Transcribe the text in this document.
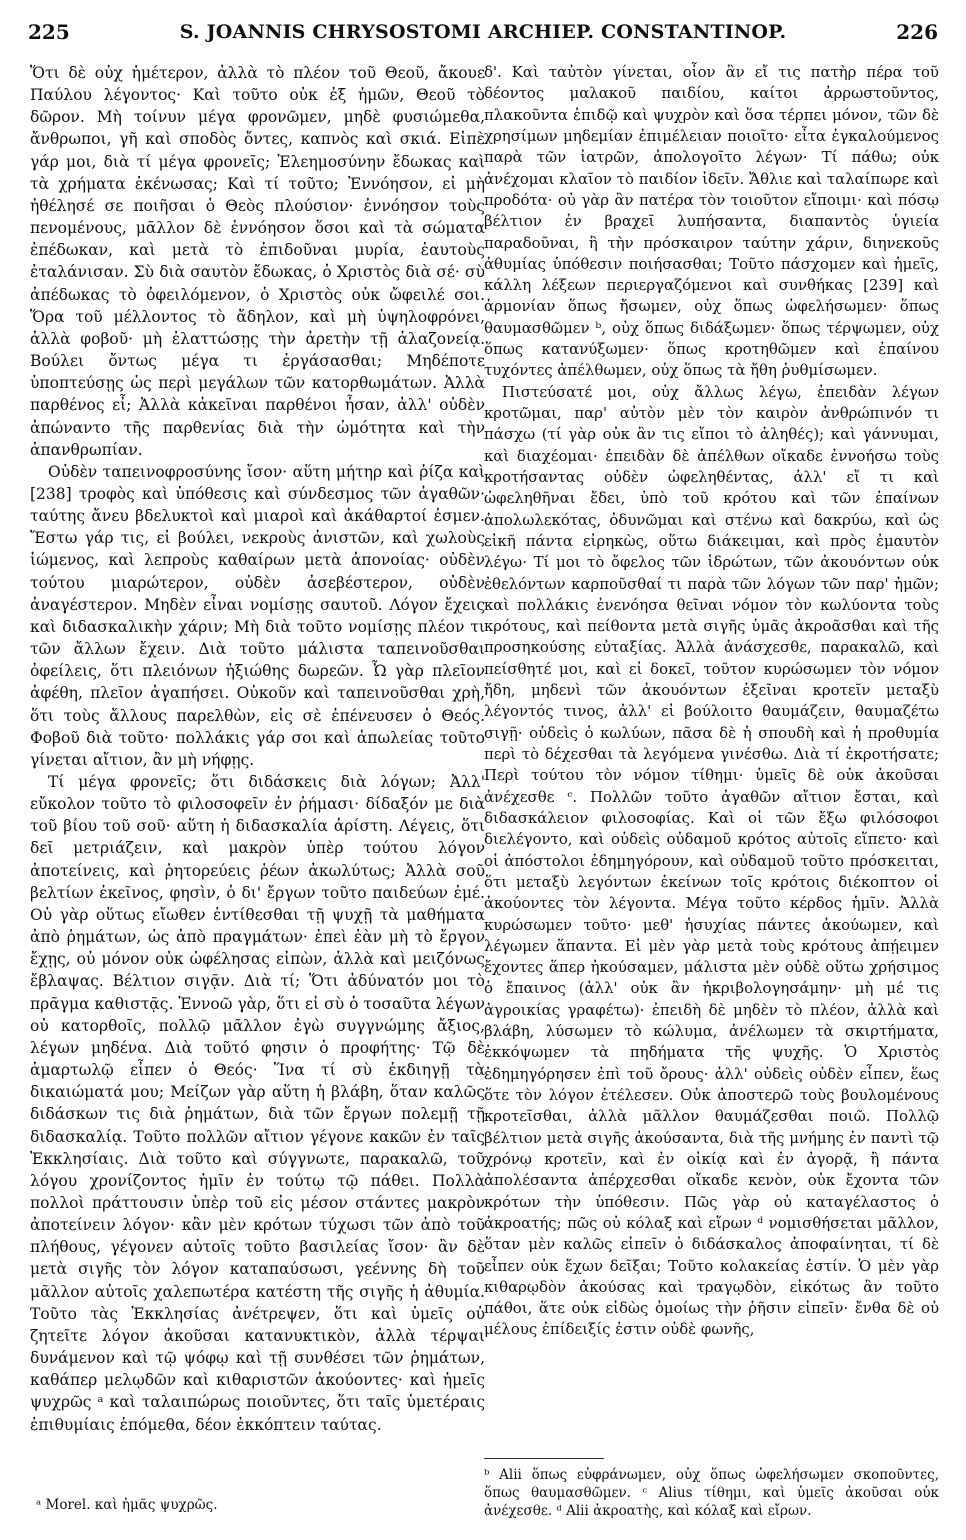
225	S. JOANNIS CHRYSOSTOMI ARCHIEP. CONSTANTINOP.	226

Ὅτι δὲ οὐχ ἡμέτερον, ἀλλὰ τὸ πλέον τοῦ Θεοῦ, ἄκουε Παύλου λέγοντος· Καὶ τοῦτο οὐκ ἐξ ἡμῶν, Θεοῦ τὸ δῶρον. Μὴ τοίνυν μέγα φρονῶμεν, μηδὲ φυσιώμεθα, ἄνθρωποι, γῆ καὶ σποδὸς ὄντες, καπνὸς καὶ σκιά. Εἰπὲ γάρ μοι, διὰ τί μέγα φρονεῖς; Ἐλεημοσύνην ἔδωκας καὶ τὰ χρήματα ἐκένωσας; Καὶ τί τοῦτο; Ἐννόησον, εἰ μὴ ἠθέλησέ σε ποιῆσαι ὁ Θεὸς πλούσιον· ἐννόησον τοὺς πενομένους, μᾶλλον δὲ ἐννόησον ὅσοι καὶ τὰ σώματα ἐπέδωκαν, καὶ μετὰ τὸ ἐπιδοῦναι μυρία, ἑαυτοὺς ἐταλάνισαν. Σὺ διὰ σαυτὸν ἔδωκας, ὁ Χριστὸς διὰ σέ· σὺ ἀπέδωκας τὸ ὀφειλόμενον, ὁ Χριστὸς οὐκ ὤφειλέ σοι. Ὅρα τοῦ μέλλοντος τὸ ἄδηλον, καὶ μὴ ὑψηλοφρόνει, ἀλλὰ φοβοῦ· μὴ ἐλαττώσῃς τὴν ἀρετὴν τῇ ἀλαζονείᾳ. Βούλει ὄντως μέγα τι ἐργάσασθαι; Μηδέποτε ὑποπτεύσῃς ὡς περὶ μεγάλων τῶν κατορθωμάτων. Ἀλλὰ παρθένος εἶ; Ἀλλὰ κἀκεῖναι παρθένοι ἦσαν, ἀλλ' οὐδὲν ἀπώναντο τῆς παρθενίας διὰ τὴν ὠμότητα καὶ τὴν ἀπανθρωπίαν.

Οὐδὲν ταπεινοφροσύνης ἴσον· αὕτη μήτηρ καὶ ῥίζα καὶ [238] τροφὸς καὶ ὑπόθεσις καὶ σύνδεσμος τῶν ἀγαθῶν· ταύτης ἄνευ βδελυκτοὶ καὶ μιαροὶ καὶ ἀκάθαρτοί ἐσμεν. Ἔστω γάρ τις, εἰ βούλει, νεκροὺς ἀνιστῶν, καὶ χωλοὺς ἰώμενος, καὶ λεπροὺς καθαίρων μετὰ ἀπονοίας· οὐδὲν τούτου μιαρώτερον, οὐδὲν ἀσεβέστερον, οὐδὲν ἀναγέστερον. Μηδὲν εἶναι νομίσῃς σαυτοῦ. Λόγον ἔχεις καὶ διδασκαλικὴν χάριν; Μὴ διὰ τοῦτο νομίσῃς πλέον τι τῶν ἄλλων ἔχειν. Διὰ τοῦτο μάλιστα ταπεινοῦσθαι ὀφείλεις, ὅτι πλειόνων ἠξιώθης δωρεῶν. Ὦ γὰρ πλεῖον ἀφέθη, πλεῖον ἀγαπήσει. Οὐκοῦν καὶ ταπεινοῦσθαι χρὴ, ὅτι τοὺς ἄλλους παρελθὼν, εἰς σὲ ἐπένευσεν ὁ Θεός. Φοβοῦ διὰ τοῦτο· πολλάκις γάρ σοι καὶ ἀπωλείας τοῦτο γίνεται αἴτιον, ἂν μὴ νήφῃς.

Τί μέγα φρονεῖς; ὅτι διδάσκεις διὰ λόγων; Ἀλλ' εὔκολον τοῦτο τὸ φιλοσοφεῖν ἐν ῥήμασι· δίδαξόν με διὰ τοῦ βίου τοῦ σοῦ· αὕτη ἡ διδασκαλία ἀρίστη. Λέγεις, ὅτι δεῖ μετριάζειν, καὶ μακρὸν ὑπὲρ τούτου λόγον ἀποτείνεις, καὶ ῥητορεύεις ῥέων ἀκωλύτως; Ἀλλὰ σοῦ βελτίων ἐκεῖνος, φησὶν, ὁ δι' ἔργων τοῦτο παιδεύων ἐμέ. Οὐ γὰρ οὕτως εἴωθεν ἐντίθεσθαι τῇ ψυχῇ τὰ μαθήματα ἀπὸ ῥημάτων, ὡς ἀπὸ πραγμάτων· ἐπεὶ ἐὰν μὴ τὸ ἔργον ἔχῃς, οὐ μόνον οὐκ ὠφέλησας εἰπὼν, ἀλλὰ καὶ μειζόνως ἔβλαψας. Βέλτιον σιγᾷν. Διὰ τί; Ὅτι ἀδύνατόν μοι τὸ πρᾶγμα καθιστᾷς. Ἐννοῶ γὰρ, ὅτι εἰ σὺ ὁ τοσαῦτα λέγων οὐ κατορθοῖς, πολλῷ μᾶλλον ἐγὼ συγγνώμης ἄξιος, λέγων μηδένα. Διὰ τοῦτό φησιν ὁ προφήτης· Τῷ δὲ ἁμαρτωλῷ εἶπεν ὁ Θεός· Ἵνα τί σὺ ἐκδιηγῇ τὰ δικαιώματά μου; Μείζων γὰρ αὕτη ἡ βλάβη, ὅταν καλῶς διδάσκων τις διὰ ῥημάτων, διὰ τῶν ἔργων πολεμῇ τῇ διδασκαλίᾳ. Τοῦτο πολλῶν αἴτιον γέγονε κακῶν ἐν ταῖς Ἐκκλησίαις. Διὰ τοῦτο καὶ σύγγνωτε, παρακαλῶ, τοῦ λόγου χρονίζοντος ἡμῖν ἐν τούτῳ τῷ πάθει. Πολλὰ πολλοὶ πράττουσιν ὑπὲρ τοῦ εἰς μέσον στάντες μακρὸν ἀποτείνειν λόγον· κἂν μὲν κρότων τύχωσι τῶν ἀπὸ τοῦ πλήθους, γέγονεν αὐτοῖς τοῦτο βασιλείας ἴσον· ἂν δὲ μετὰ σιγῆς τὸν λόγον καταπαύσωσι, γεέννης δὴ τοῦ μᾶλλον αὐτοῖς χαλεπωτέρα κατέστη τῆς σιγῆς ἡ ἀθυμία. Τοῦτο τὰς Ἐκκλησίας ἀνέτρεψεν, ὅτι καὶ ὑμεῖς οὐ ζητεῖτε λόγον ἀκοῦσαι κατανυκτικὸν, ἀλλὰ τέρψαι δυνάμενον καὶ τῷ ψόφῳ καὶ τῇ συνθέσει τῶν ῥημάτων, καθάπερ μελῳδῶν καὶ κιθαριστῶν ἀκούοντες· καὶ ἡμεῖς ψυχρῶς ᵃ καὶ ταλαιπώρως ποιοῦντες, ὅτι ταῖς ὑμετέραις ἐπιθυμίαις ἑπόμεθα, δέον ἐκκόπτειν ταύτας.

δ'. Καὶ ταὐτὸν γίνεται, οἷον ἂν εἴ τις πατὴρ πέρα τοῦ δέοντος μαλακοῦ παιδίου, καίτοι ἀρρωστοῦντος, πλακοῦντα ἐπιδῷ καὶ ψυχρὸν καὶ ὅσα τέρπει μόνον, τῶν δὲ χρησίμων μηδεμίαν ἐπιμέλειαν ποιοῖτο· εἶτα ἐγκαλούμενος παρὰ τῶν ἰατρῶν, ἀπολογοῖτο λέγων· Τί πάθω; οὐκ ἀνέχομαι κλαῖον τὸ παιδίον ἰδεῖν. Ἄθλιε καὶ ταλαίπωρε καὶ προδότα· οὐ γὰρ ἂν πατέρα τὸν τοιοῦτον εἴποιμι· καὶ πόσῳ βέλτιον ἐν βραχεῖ λυπήσαντα, διαπαντὸς ὑγιεία παραδοῦναι, ἢ τὴν πρόσκαιρον ταύτην χάριν, διηνεκοῦς ἀθυμίας ὑπόθεσιν ποιήσασθαι; Τοῦτο πάσχομεν καὶ ἡμεῖς, κάλλη λέξεων περιεργαζόμενοι καὶ συνθήκας [239] καὶ ἁρμονίαν ὅπως ἤσωμεν, οὐχ ὅπως ὠφελήσωμεν· ὅπως θαυμασθῶμεν ᵇ, οὐχ ὅπως διδάξωμεν· ὅπως τέρψωμεν, οὐχ ὅπως κατανύξωμεν· ὅπως κροτηθῶμεν καὶ ἐπαίνου τυχόντες ἀπέλθωμεν, οὐχ ὅπως τὰ ἤθη ῥυθμίσωμεν.

Πιστεύσατέ μοι, οὐχ ἄλλως λέγω, ἐπειδὰν λέγων κροτῶμαι, παρ' αὐτὸν μὲν τὸν καιρὸν ἀνθρώπινόν τι πάσχω (τί γὰρ οὐκ ἂν τις εἴποι τὸ ἀληθές); καὶ γάννυμαι, καὶ διαχέομαι· ἐπειδὰν δὲ ἀπέλθων οἴκαδε ἐννοήσω τοὺς κροτήσαντας οὐδὲν ὠφεληθέντας, ἀλλ' εἴ τι καὶ ὠφεληθῆναι ἔδει, ὑπὸ τοῦ κρότου καὶ τῶν ἐπαίνων ἀπολωλεκότας, ὀδυνῶμαι καὶ στένω καὶ δακρύω, καὶ ὡς εἰκῆ πάντα εἰρηκὼς, οὕτω διάκειμαι, καὶ πρὸς ἐμαυτὸν λέγω· Τί μοι τὸ ὄφελος τῶν ἱδρώτων, τῶν ἀκουόντων οὐκ ἐθελόντων καρποῦσθαί τι παρὰ τῶν λόγων τῶν παρ' ἡμῶν; καὶ πολλάκις ἐνενόησα θεῖναι νόμον τὸν κωλύοντα τοὺς κρότους, καὶ πείθοντα μετὰ σιγῆς ὑμᾶς ἀκροᾶσθαι καὶ τῆς προσηκούσης εὐταξίας. Ἀλλὰ ἀνάσχεσθε, παρακαλῶ, καὶ πείσθητέ μοι, καὶ εἰ δοκεῖ, τοῦτον κυρώσωμεν τὸν νόμον ἤδη, μηδενὶ τῶν ἀκουόντων ἐξεῖναι κροτεῖν μεταξὺ λέγοντός τινος, ἀλλ' εἰ βούλοιτο θαυμάζειν, θαυμαζέτω σιγῇ· οὐδεὶς ὁ κωλύων, πᾶσα δὲ ἡ σπουδὴ καὶ ἡ προθυμία περὶ τὸ δέχεσθαι τὰ λεγόμενα γινέσθω. Διὰ τί ἐκροτήσατε; Περὶ τούτου τὸν νόμον τίθημι· ὑμεῖς δὲ οὐκ ἀκοῦσαι ἀνέχεσθε ᶜ. Πολλῶν τοῦτο ἀγαθῶν αἴτιον ἔσται, καὶ διδασκάλειον φιλοσοφίας. Καὶ οἱ τῶν ἔξω φιλόσοφοι διελέγοντο, καὶ οὐδεὶς οὐδαμοῦ κρότος αὐτοῖς εἵπετο· καὶ οἱ ἀπόστολοι ἐδημηγόρουν, καὶ οὐδαμοῦ τοῦτο πρόσκειται, ὅτι μεταξὺ λεγόντων ἐκείνων τοῖς κρότοις διέκοπτον οἱ ἀκούοντες τὸν λέγοντα. Μέγα τοῦτο κέρδος ἡμῖν. Ἀλλὰ κυρώσωμεν τοῦτο· μεθ' ἡσυχίας πάντες ἀκούωμεν, καὶ λέγωμεν ἅπαντα. Εἰ μὲν γὰρ μετὰ τοὺς κρότους ἀπῄειμεν ἔχοντες ἅπερ ἠκούσαμεν, μάλιστα μὲν οὐδὲ οὕτω χρήσιμος ὁ ἔπαινος (ἀλλ' οὐκ ἂν ἠκριβολογησάμην· μὴ μέ τις ἀγροικίας γραφέτω)· ἐπειδὴ δὲ μηδὲν τὸ πλέον, ἀλλὰ καὶ βλάβη, λύσωμεν τὸ κώλυμα, ἀνέλωμεν τὰ σκιρτήματα, ἐκκόψωμεν τὰ πηδήματα τῆς ψυχῆς. Ὁ Χριστὸς ἐδημηγόρησεν ἐπὶ τοῦ ὄρους· ἀλλ' οὐδεὶς οὐδὲν εἶπεν, ἕως ὅτε τὸν λόγον ἐτέλεσεν. Οὐκ ἀποστερῶ τοὺς βουλομένους κροτεῖσθαι, ἀλλὰ μᾶλλον θαυμάζεσθαι ποιῶ. Πολλῷ βέλτιον μετὰ σιγῆς ἀκούσαντα, διὰ τῆς μνήμης ἐν παντὶ τῷ χρόνῳ κροτεῖν, καὶ ἐν οἰκίᾳ καὶ ἐν ἀγορᾷ, ἢ πάντα ἀπολέσαντα ἀπέρχεσθαι οἴκαδε κενὸν, οὐκ ἔχοντα τῶν κρότων τὴν ὑπόθεσιν. Πῶς γὰρ οὐ καταγέλαστος ὁ ἀκροατής; πῶς οὐ κόλαξ καὶ εἴρων ᵈ νομισθήσεται μᾶλλον, ὅταν μὲν καλῶς εἰπεῖν ὁ διδάσκαλος ἀποφαίνηται, τί δὲ εἶπεν οὐκ ἔχων δεῖξαι; Τοῦτο κολακείας ἐστίν. Ὁ μὲν γὰρ κιθαρῳδὸν ἀκούσας καὶ τραγῳδὸν, εἰκότως ἂν τοῦτο πάθοι, ἅτε οὐκ εἰδὼς ὁμοίως τὴν ῥῆσιν εἰπεῖν· ἔνθα δὲ οὐ μέλους ἐπίδειξίς ἐστιν οὐδὲ φωνῆς,

ᵃ Morel. καὶ ἡμᾶς ψυχρῶς.

ᵇ Alii ὅπως εὐφράνωμεν, οὐχ ὅπως ὠφελήσωμεν σκοποῦντες, ὅπως θαυμασθῶμεν. ᶜ Alius τίθημι, καὶ ὑμεῖς ἀκοῦσαι οὐκ ἀνέχεσθε. ᵈ Alii ἀκροατὴς, καὶ κόλαξ καὶ εἴρων.
